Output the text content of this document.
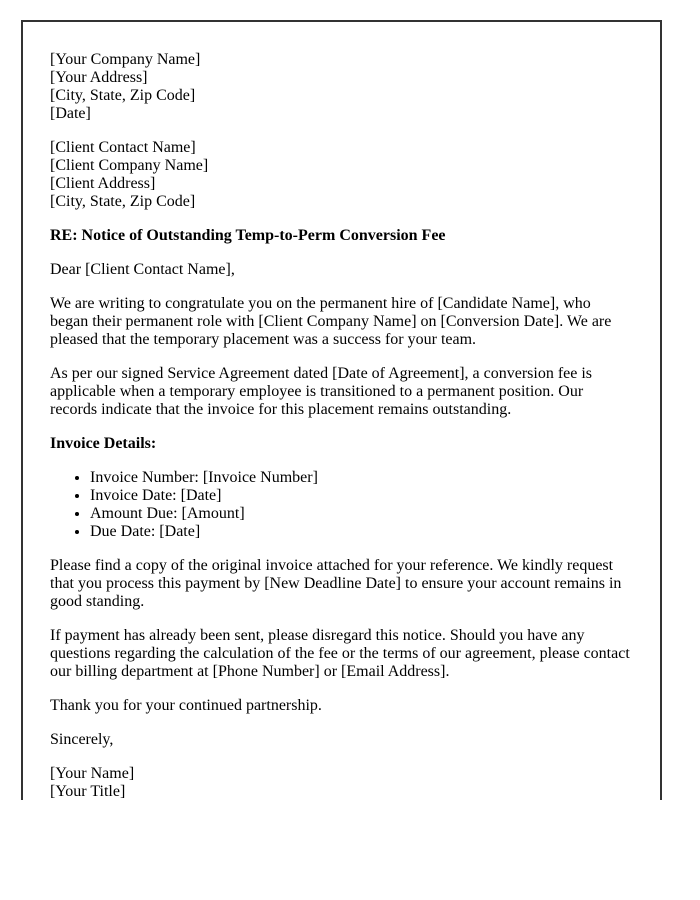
[Your Company Name]
[Your Address]
[City, State, Zip Code]
[Date]

[Client Contact Name]
[Client Company Name]
[Client Address]
[City, State, Zip Code]

RE: Notice of Outstanding Temp-to-Perm Conversion Fee

Dear [Client Contact Name],

We are writing to congratulate you on the permanent hire of [Candidate Name], who began their permanent role with [Client Company Name] on [Conversion Date]. We are pleased that the temporary placement was a success for your team.

As per our signed Service Agreement dated [Date of Agreement], a conversion fee is applicable when a temporary employee is transitioned to a permanent position. Our records indicate that the invoice for this placement remains outstanding.

Invoice Details:

• Invoice Number: [Invoice Number]
• Invoice Date: [Date]
• Amount Due: [Amount]
• Due Date: [Date]

Please find a copy of the original invoice attached for your reference. We kindly request that you process this payment by [New Deadline Date] to ensure your account remains in good standing.

If payment has already been sent, please disregard this notice. Should you have any questions regarding the calculation of the fee or the terms of our agreement, please contact our billing department at [Phone Number] or [Email Address].

Thank you for your continued partnership.

Sincerely,

[Your Name]
[Your Title]
